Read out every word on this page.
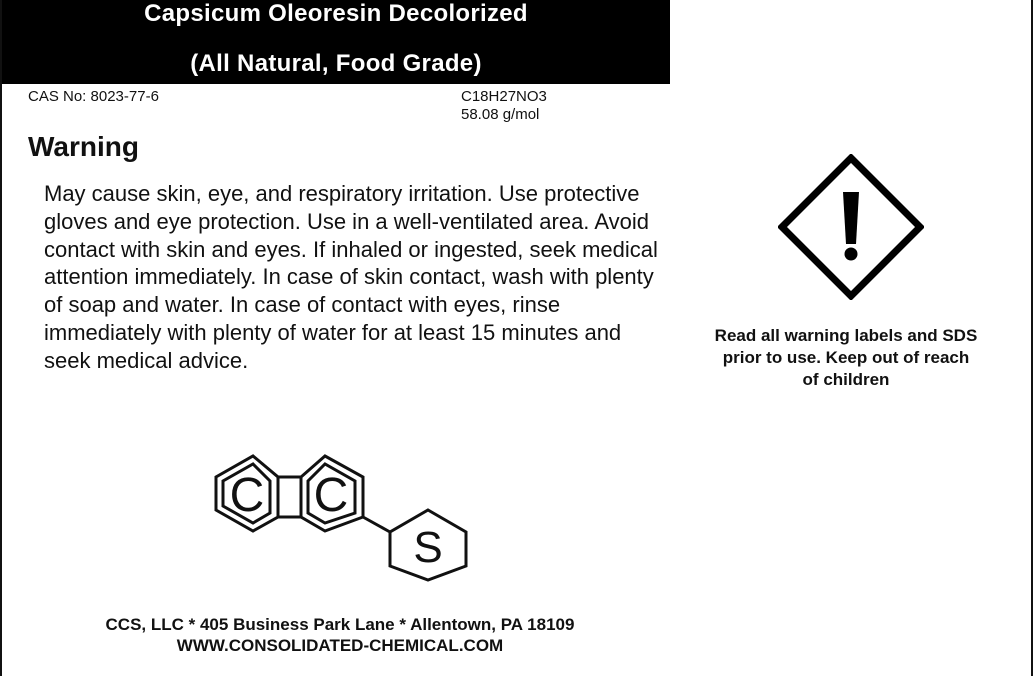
Capsicum Oleoresin Decolorized
(All Natural, Food Grade)
CAS No: 8023-77-6	C18H27NO3
58.08 g/mol
Warning
May cause skin, eye, and respiratory irritation. Use protective gloves and eye protection. Use in a well-ventilated area. Avoid contact with skin and eyes. If inhaled or ingested, seek medical attention immediately. In case of skin contact, wash with plenty of soap and water. In case of contact with eyes, rinse immediately with plenty of water for at least 15 minutes and seek medical advice.
Read all warning labels and SDS prior to use. Keep out of reach of children
C C
S
CCS, LLC * 405 Business Park Lane * Allentown, PA 18109
WWW.CONSOLIDATED-CHEMICAL.COM
